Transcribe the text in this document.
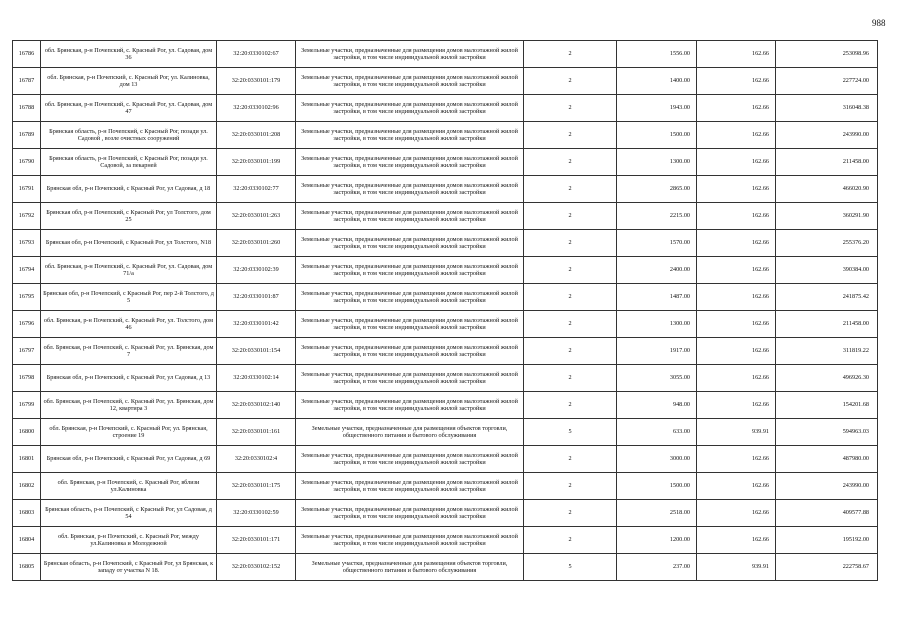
988
16786	обл. Брянская, р-н Почепский, с. Красный Рог, ул. Садовая, дом 36	32:20:0330102:67	Земельные участки, предназначенные для размещения домов малоэтажной жилой застройки, в том числе индивидуальной жилой застройки	2	1556.00	162.66	253098.96
16787	обл. Брянская, р-н Почепский, с. Красный Рог, ул. Калиновка, дом 13	32:20:0330101:179	Земельные участки, предназначенные для размещения домов малоэтажной жилой застройки, в том числе индивидуальной жилой застройки	2	1400.00	162.66	227724.00
16788	обл. Брянская, р-н Почепский, с. Красный Рог, ул. Садовая, дом 47	32:20:0330102:96	Земельные участки, предназначенные для размещения домов малоэтажной жилой застройки, в том числе индивидуальной жилой застройки	2	1943.00	162.66	316048.38
16789	Брянская область, р-н Почепский, с Красный Рог, позади ул. Садовой , возле очистных сооружений	32:20:0330101:208	Земельные участки, предназначенные для размещения домов малоэтажной жилой застройки, в том числе индивидуальной жилой застройки	2	1500.00	162.66	243990.00
16790	Брянская область, р-н Почепский, с Красный Рог, позади ул. Садовой, за пекарней	32:20:0330101:199	Земельные участки, предназначенные для размещения домов малоэтажной жилой застройки, в том числе индивидуальной жилой застройки	2	1300.00	162.66	211458.00
16791	Брянская обл, р-н Почепский, с Красный Рог, ул Садовая, д 18	32:20:0330102:77	Земельные участки, предназначенные для размещения домов малоэтажной жилой застройки, в том числе индивидуальной жилой застройки	2	2865.00	162.66	466020.90
16792	Брянская обл, р-н Почепский, с Красный Рог, ул Толстого, дом 25	32:20:0330101:263	Земельные участки, предназначенные для размещения домов малоэтажной жилой застройки, в том числе индивидуальной жилой застройки	2	2215.00	162.66	360291.90
16793	Брянская обл, р-н Почепский, с Красный Рог, ул Толстого, N18	32:20:0330101:260	Земельные участки, предназначенные для размещения домов малоэтажной жилой застройки, в том числе индивидуальной жилой застройки	2	1570.00	162.66	255376.20
16794	обл. Брянская, р-н Почепский, с. Красный Рог, ул. Садовая, дом 71/а	32:20:0330102:39	Земельные участки, предназначенные для размещения домов малоэтажной жилой застройки, в том числе индивидуальной жилой застройки	2	2400.00	162.66	390384.00
16795	Брянская обл, р-н Почепский, с Красный Рог, пер 2-й Толстого, д 5	32:20:0330101:87	Земельные участки, предназначенные для размещения домов малоэтажной жилой застройки, в том числе индивидуальной жилой застройки	2	1487.00	162.66	241875.42
16796	обл. Брянская, р-н Почепский, с. Красный Рог, ул. Толстого, дом 46	32:20:0330101:42	Земельные участки, предназначенные для размещения домов малоэтажной жилой застройки, в том числе индивидуальной жилой застройки	2	1300.00	162.66	211458.00
16797	обл. Брянская, р-н Почепский, с. Красный Рог, ул. Брянская, дом 7	32:20:0330101:154	Земельные участки, предназначенные для размещения домов малоэтажной жилой застройки, в том числе индивидуальной жилой застройки	2	1917.00	162.66	311819.22
16798	Брянская обл, р-н Почепский, с Красный Рог, ул Садовая, д 13	32:20:0330102:14	Земельные участки, предназначенные для размещения домов малоэтажной жилой застройки, в том числе индивидуальной жилой застройки	2	3055.00	162.66	496926.30
16799	обл. Брянская, р-н Почепский, с. Красный Рог, ул. Брянская, дом 12, квартира 3	32:20:0330102:140	Земельные участки, предназначенные для размещения домов малоэтажной жилой застройки, в том числе индивидуальной жилой застройки	2	948.00	162.66	154201.68
16800	обл. Брянская, р-н Почепский, с. Красный Рог, ул. Брянская, строение 19	32:20:0330101:161	Земельные участки, предназначенные для размещения объектов торговли, общественного питания и бытового обслуживания	5	633.00	939.91	594963.03
16801	Брянская обл, р-н Почепский, с Красный Рог, ул Садовая, д 69	32:20:0330102:4	Земельные участки, предназначенные для размещения домов малоэтажной жилой застройки, в том числе индивидуальной жилой застройки	2	3000.00	162.66	487980.00
16802	обл. Брянская, р-н Почепский, с. Красный Рог, вблизи ул.Калиновка	32:20:0330101:175	Земельные участки, предназначенные для размещения домов малоэтажной жилой застройки, в том числе индивидуальной жилой застройки	2	1500.00	162.66	243990.00
16803	Брянская область, р-н Почепский, с Красный Рог, ул Садовая, д 54	32:20:0330102:59	Земельные участки, предназначенные для размещения домов малоэтажной жилой застройки, в том числе индивидуальной жилой застройки	2	2518.00	162.66	409577.88
16804	обл. Брянская, р-н Почепский, с. Красный Рог, между ул.Калиновка и Молодежной	32:20:0330101:171	Земельные участки, предназначенные для размещения домов малоэтажной жилой застройки, в том числе индивидуальной жилой застройки	2	1200.00	162.66	195192.00
16805	Брянская область, р-н Почепский, с Красный Рог, ул Брянская, к западу от участка N 18.	32:20:0330102:152	Земельные участки, предназначенные для размещения объектов торговли, общественного питания и бытового обслуживания	5	237.00	939.91	222758.67
